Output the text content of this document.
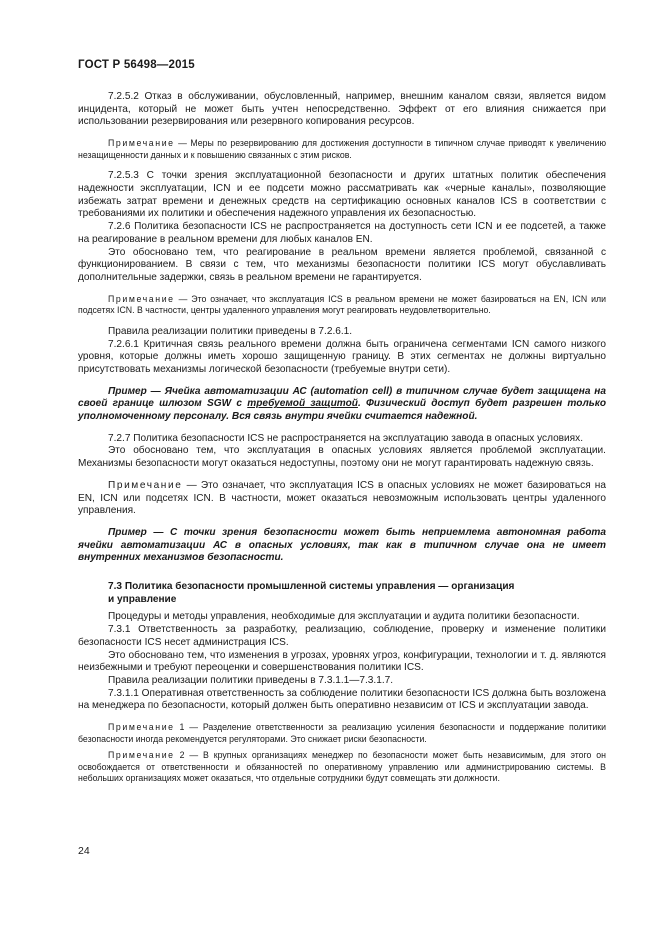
ГОСТ Р 56498—2015

7.2.5.2 Отказ в обслуживании, обусловленный, например, внешним каналом связи, является видом инцидента, который не может быть учтен непосредственно. Эффект от его влияния снижается при использовании резервирования или резервного копирования ресурсов.

Примечание — Меры по резервированию для достижения доступности в типичном случае приводят к увеличению незащищенности данных и к повышению связанных с этим рисков.

7.2.5.3 С точки зрения эксплуатационной безопасности и других штатных политик обеспечения надежности эксплуатации, ICN и ее подсети можно рассматривать как «черные каналы», позволяющие избежать затрат времени и денежных средств на сертификацию основных каналов ICS в соответствии с требованиями их политики и обеспечения надежного управления их безопасностью.

7.2.6 Политика безопасности ICS не распространяется на доступность сети ICN и ее подсетей, а также на реагирование в реальном времени для любых каналов EN.

Это обосновано тем, что реагирование в реальном времени является проблемой, связанной с функционированием. В связи с тем, что механизмы безопасности политики ICS могут обуславливать дополнительные задержки, связь в реальном времени не гарантируется.

Примечание — Это означает, что эксплуатация ICS в реальном времени не может базироваться на EN, ICN или подсетях ICN. В частности, центры удаленного управления могут реагировать неудовлетворительно.

Правила реализации политики приведены в 7.2.6.1.

7.2.6.1 Критичная связь реального времени должна быть ограничена сегментами ICN самого низкого уровня, которые должны иметь хорошо защищенную границу. В этих сегментах не должны виртуально присутствовать механизмы логической безопасности (требуемые внутри сети).

Пример — Ячейка автоматизации АС (automation cell) в типичном случае будет защищена на своей границе шлюзом SGW с требуемой защитой. Физический доступ будет разрешен только уполномоченному персоналу. Вся связь внутри ячейки считается надежной.

7.2.7 Политика безопасности ICS не распространяется на эксплуатацию завода в опасных условиях.

Это обосновано тем, что эксплуатация в опасных условиях является проблемой эксплуатации. Механизмы безопасности могут оказаться недоступны, поэтому они не могут гарантировать надежную связь.

Примечание — Это означает, что эксплуатация ICS в опасных условиях не может базироваться на EN, ICN или подсетях ICN. В частности, может оказаться невозможным использовать центры удаленного управления.

Пример — С точки зрения безопасности может быть неприемлема автономная работа ячейки автоматизации АС в опасных условиях, так как в типичном случае она не имеет внутренних механизмов безопасности.

7.3 Политика безопасности промышленной системы управления — организация
и управление

Процедуры и методы управления, необходимые для эксплуатации и аудита политики безопасности.

7.3.1 Ответственность за разработку, реализацию, соблюдение, проверку и изменение политики безопасности ICS несет администрация ICS.

Это обосновано тем, что изменения в угрозах, уровнях угроз, конфигурации, технологии и т. д. являются неизбежными и требуют переоценки и совершенствования политики ICS.

Правила реализации политики приведены в 7.3.1.1—7.3.1.7.

7.3.1.1 Оперативная ответственность за соблюдение политики безопасности ICS должна быть возложена на менеджера по безопасности, который должен быть оперативно независим от ICS и эксплуатации завода.

Примечание 1 — Разделение ответственности за реализацию усиления безопасности и поддержание политики безопасности иногда рекомендуется регуляторами. Это снижает риски безопасности.

Примечание 2 — В крупных организациях менеджер по безопасности может быть независимым, для этого он освобождается от ответственности и обязанностей по оперативному управлению или администрированию системы. В небольших организациях может оказаться, что отдельные сотрудники будут совмещать эти должности.

24
